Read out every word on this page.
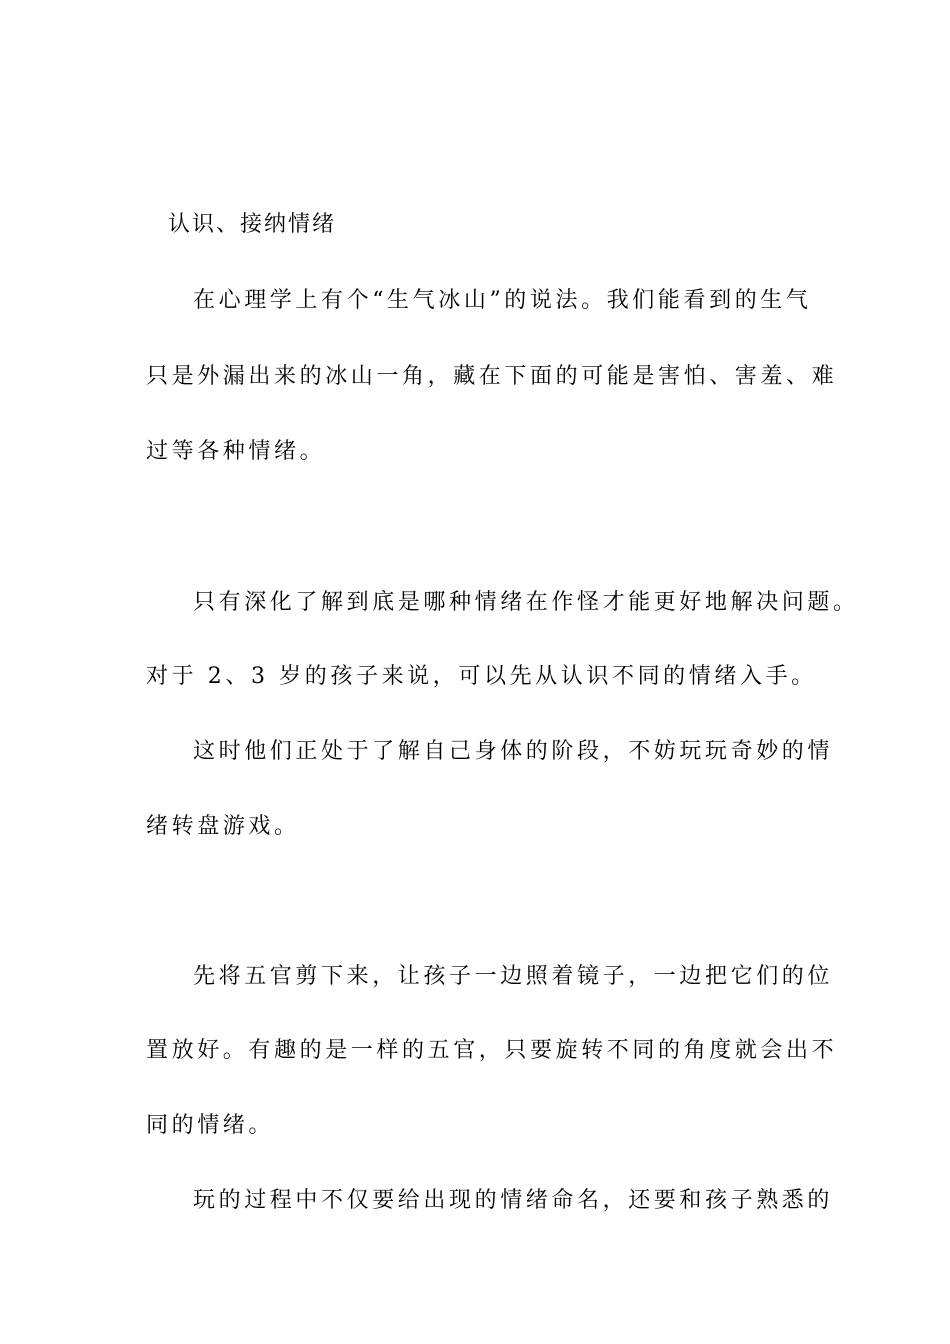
认识、接纳情绪
在心理学上有个“生气冰山”的说法。我们能看到的生气
只是外漏出来的冰山一角，藏在下面的可能是害怕、害羞、难
过等各种情绪。
只有深化了解到底是哪种情绪在作怪才能更好地解决问题。
对于 2、3 岁的孩子来说，可以先从认识不同的情绪入手。
这时他们正处于了解自己身体的阶段，不妨玩玩奇妙的情
绪转盘游戏。
先将五官剪下来，让孩子一边照着镜子，一边把它们的位
置放好。有趣的是一样的五官，只要旋转不同的角度就会出不
同的情绪。
玩的过程中不仅要给出现的情绪命名，还要和孩子熟悉的
